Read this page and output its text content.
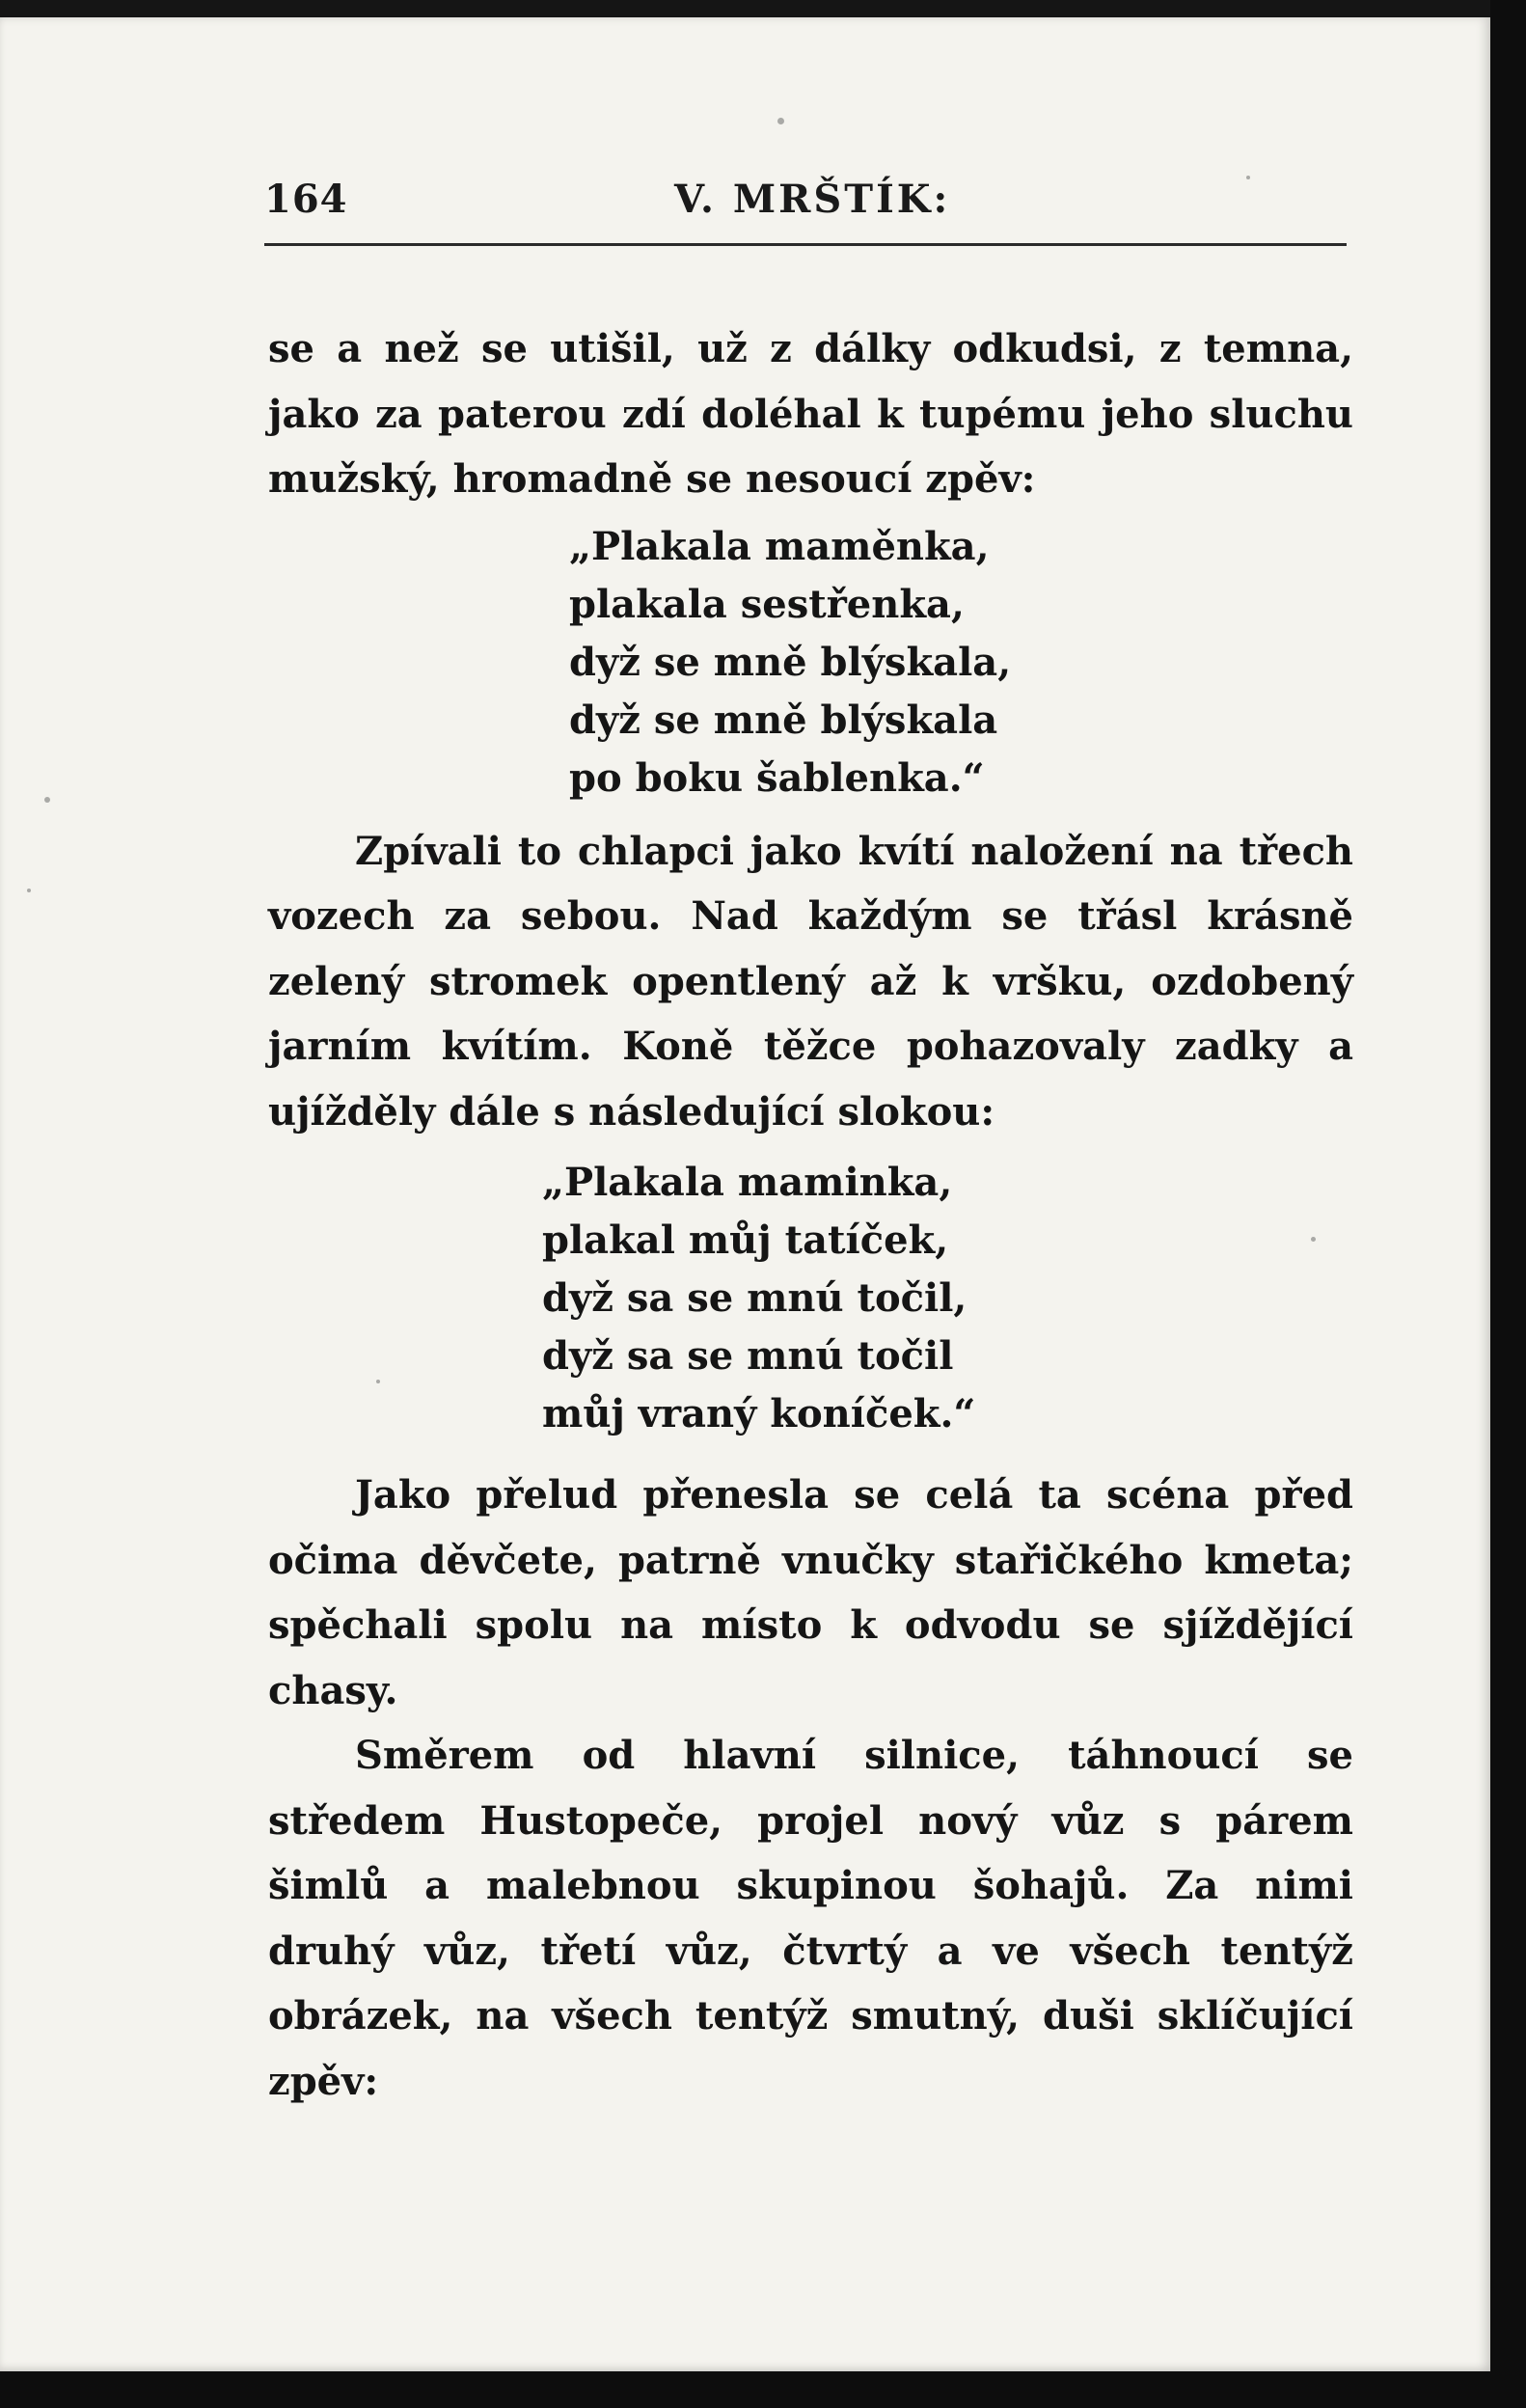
164	V. MRŠTÍK:

se a než se utišil, už z dálky odkudsi, z temna, jako za paterou zdí doléhal k tupému jeho sluchu mužský, hromadně se nesoucí zpěv:

„Plakala maměnka,
plakala sestřenka,
dyž se mně blýskala,
dyž se mně blýskala
po boku šablenka.“

Zpívali to chlapci jako kvítí naložení na třech vozech za sebou. Nad každým se třásl krásně zelený stromek opentlený až k vršku, ozdobený jarním kvítím. Koně těžce pohazovaly zadky a ujížděly dále s následující slokou:

„Plakala maminka,
plakal můj tatíček,
dyž sa se mnú točil,
dyž sa se mnú točil
můj vraný koníček.“

Jako přelud přenesla se celá ta scéna před očima děvčete, patrně vnučky stařičkého kmeta; spěchali spolu na místo k odvodu se sjíždějící chasy.

Směrem od hlavní silnice, táhnoucí se středem Hustopeče, projel nový vůz s párem šimlů a malebnou skupinou šohajů. Za nimi druhý vůz, třetí vůz, čtvrtý a ve všech tentýž obrázek, na všech tentýž smutný, duši sklíčující zpěv:
